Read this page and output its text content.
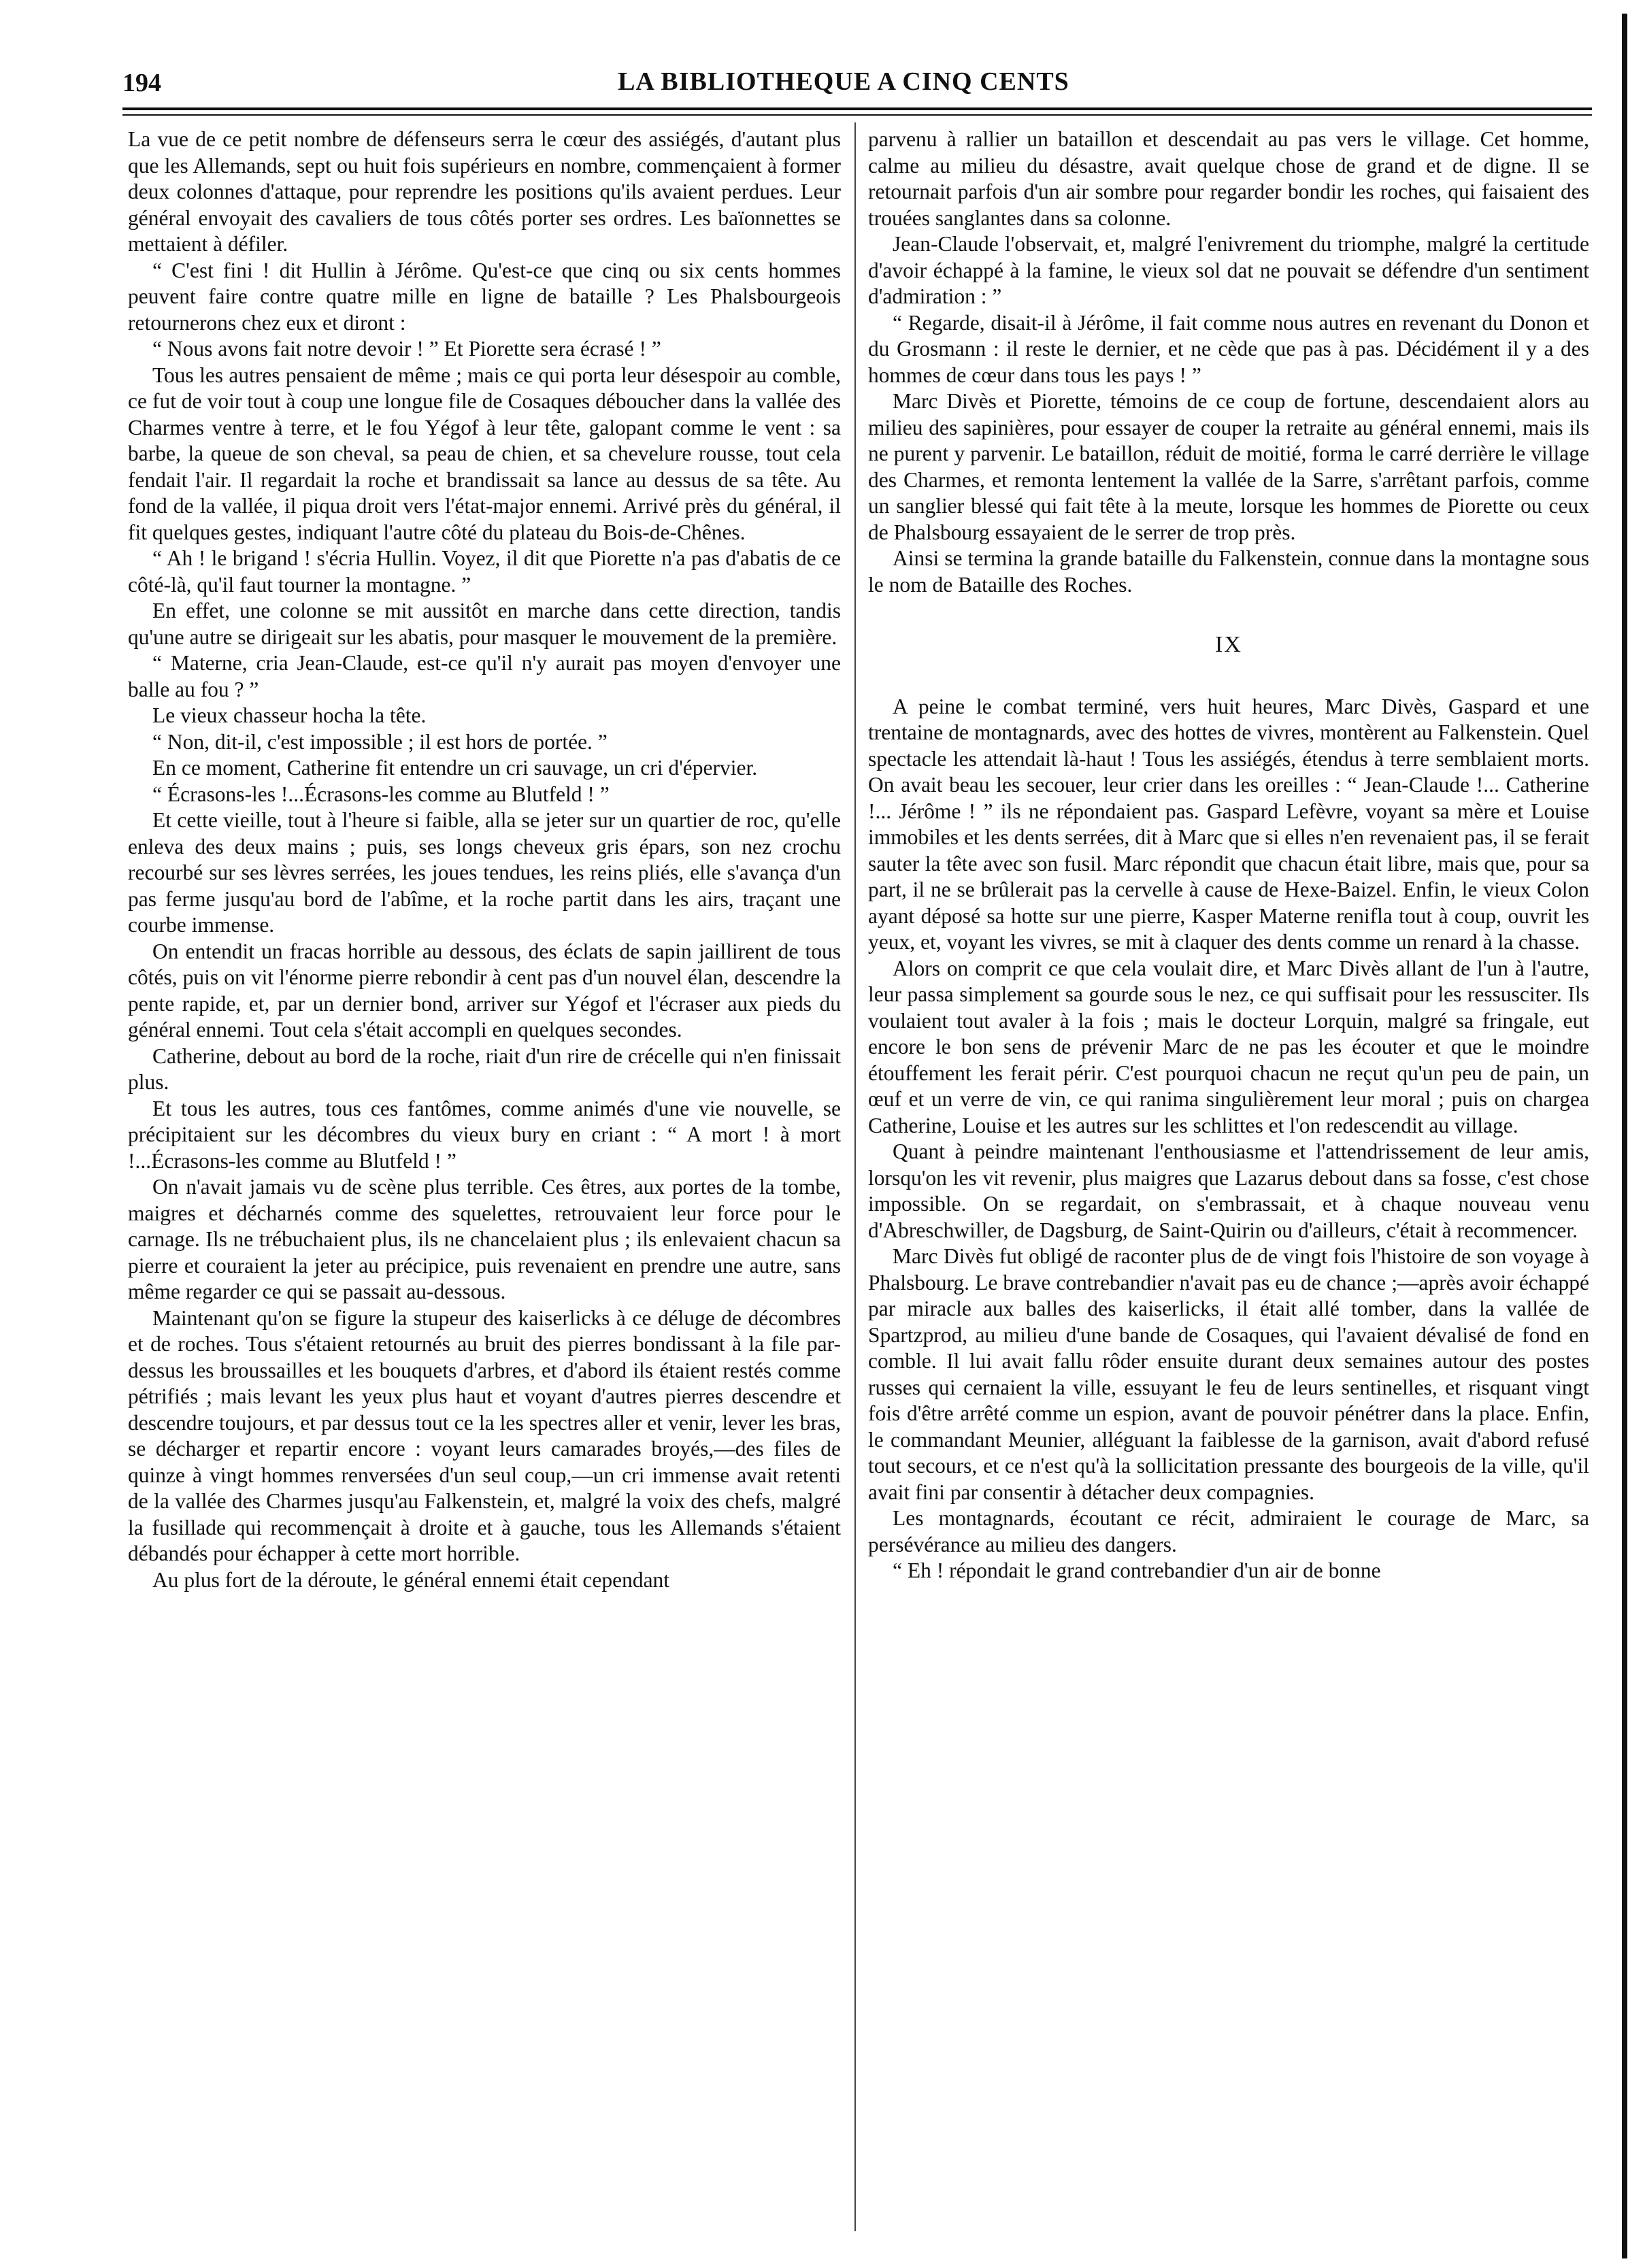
194	LA BIBLIOTHEQUE A CINQ CENTS

La vue de ce petit nombre de défenseurs serra le cœur des assiégés, d'autant plus que les Allemands, sept ou huit fois supérieurs en nombre, commençaient à former deux colonnes d'attaque, pour reprendre les positions qu'ils avaient perdues. Leur général envoyait des cavaliers de tous côtés porter ses ordres. Les baïonnettes se mettaient à défiler.

“ C'est fini ! dit Hullin à Jérôme. Qu'est-ce que cinq ou six cents hommes peuvent faire contre quatre mille en ligne de bataille ? Les Phalsbourgeois retournerons chez eux et diront :

“ Nous avons fait notre devoir ! ” Et Piorette sera écrasé ! ”

Tous les autres pensaient de même ; mais ce qui porta leur désespoir au comble, ce fut de voir tout à coup une longue file de Cosaques déboucher dans la vallée des Charmes ventre à terre, et le fou Yégof à leur tête, galopant comme le vent : sa barbe, la queue de son cheval, sa peau de chien, et sa chevelure rousse, tout cela fendait l'air. Il regardait la roche et brandissait sa lance au dessus de sa tête. Au fond de la vallée, il piqua droit vers l'état-major ennemi. Arrivé près du général, il fit quelques gestes, indiquant l'autre côté du plateau du Bois-de-Chênes.

“ Ah ! le brigand ! s'écria Hullin. Voyez, il dit que Piorette n'a pas d'abatis de ce côté-là, qu'il faut tourner la montagne. ”

En effet, une colonne se mit aussitôt en marche dans cette direction, tandis qu'une autre se dirigeait sur les abatis, pour masquer le mouvement de la première.

“ Materne, cria Jean-Claude, est-ce qu'il n'y aurait pas moyen d'envoyer une balle au fou ? ”

Le vieux chasseur hocha la tête.

“ Non, dit-il, c'est impossible ; il est hors de portée. ”

En ce moment, Catherine fit entendre un cri sauvage, un cri d'épervier.

“ Écrasons-les !...Écrasons-les comme au Blutfeld ! ”

Et cette vieille, tout à l'heure si faible, alla se jeter sur un quartier de roc, qu'elle enleva des deux mains ; puis, ses longs cheveux gris épars, son nez crochu recourbé sur ses lèvres serrées, les joues tendues, les reins pliés, elle s'avança d'un pas ferme jusqu'au bord de l'abîme, et la roche partit dans les airs, traçant une courbe immense.

On entendit un fracas horrible au dessous, des éclats de sapin jaillirent de tous côtés, puis on vit l'énorme pierre rebondir à cent pas d'un nouvel élan, descendre la pente rapide, et, par un dernier bond, arriver sur Yégof et l'écraser aux pieds du général ennemi. Tout cela s'était accompli en quelques secondes.

Catherine, debout au bord de la roche, riait d'un rire de crécelle qui n'en finissait plus.

Et tous les autres, tous ces fantômes, comme animés d'une vie nouvelle, se précipitaient sur les décombres du vieux bury en criant : “ A mort ! à mort !...Écrasons-les comme au Blutfeld ! ”

On n'avait jamais vu de scène plus terrible. Ces êtres, aux portes de la tombe, maigres et décharnés comme des squelettes, retrouvaient leur force pour le carnage. Ils ne trébuchaient plus, ils ne chancelaient plus ; ils enlevaient chacun sa pierre et couraient la jeter au précipice, puis revenaient en prendre une autre, sans même regarder ce qui se passait au-dessous.

Maintenant qu'on se figure la stupeur des kaiserlicks à ce déluge de décombres et de roches. Tous s'étaient retournés au bruit des pierres bondissant à la file par-dessus les broussailles et les bouquets d'arbres, et d'abord ils étaient restés comme pétrifiés ; mais levant les yeux plus haut et voyant d'autres pierres descendre et descendre toujours, et par dessus tout ce la les spectres aller et venir, lever les bras, se décharger et repartir encore : voyant leurs camarades broyés,—des files de quinze à vingt hommes renversées d'un seul coup,—un cri immense avait retenti de la vallée des Charmes jusqu'au Falkenstein, et, malgré la voix des chefs, malgré la fusillade qui recommençait à droite et à gauche, tous les Allemands s'étaient débandés pour échapper à cette mort horrible.

Au plus fort de la déroute, le général ennemi était cependant

parvenu à rallier un bataillon et descendait au pas vers le village. Cet homme, calme au milieu du désastre, avait quelque chose de grand et de digne. Il se retournait parfois d'un air sombre pour regarder bondir les roches, qui faisaient des trouées sanglantes dans sa colonne.

Jean-Claude l'observait, et, malgré l'enivrement du triomphe, malgré la certitude d'avoir échappé à la famine, le vieux sol dat ne pouvait se défendre d'un sentiment d'admiration : ”

“ Regarde, disait-il à Jérôme, il fait comme nous autres en revenant du Donon et du Grosmann : il reste le dernier, et ne cède que pas à pas. Décidément il y a des hommes de cœur dans tous les pays ! ”

Marc Divès et Piorette, témoins de ce coup de fortune, descendaient alors au milieu des sapinières, pour essayer de couper la retraite au général ennemi, mais ils ne purent y parvenir. Le bataillon, réduit de moitié, forma le carré derrière le village des Charmes, et remonta lentement la vallée de la Sarre, s'arrêtant parfois, comme un sanglier blessé qui fait tête à la meute, lorsque les hommes de Piorette ou ceux de Phalsbourg essayaient de le serrer de trop près.

Ainsi se termina la grande bataille du Falkenstein, connue dans la montagne sous le nom de Bataille des Roches.

IX

A peine le combat terminé, vers huit heures, Marc Divès, Gaspard et une trentaine de montagnards, avec des hottes de vivres, montèrent au Falkenstein. Quel spectacle les attendait là-haut ! Tous les assiégés, étendus à terre semblaient morts. On avait beau les secouer, leur crier dans les oreilles : “ Jean-Claude !... Catherine !... Jérôme ! ” ils ne répondaient pas. Gaspard Lefèvre, voyant sa mère et Louise immobiles et les dents serrées, dit à Marc que si elles n'en revenaient pas, il se ferait sauter la tête avec son fusil. Marc répondit que chacun était libre, mais que, pour sa part, il ne se brûlerait pas la cervelle à cause de Hexe-Baizel. Enfin, le vieux Colon ayant déposé sa hotte sur une pierre, Kasper Materne renifla tout à coup, ouvrit les yeux, et, voyant les vivres, se mit à claquer des dents comme un renard à la chasse.

Alors on comprit ce que cela voulait dire, et Marc Divès allant de l'un à l'autre, leur passa simplement sa gourde sous le nez, ce qui suffisait pour les ressusciter. Ils voulaient tout avaler à la fois ; mais le docteur Lorquin, malgré sa fringale, eut encore le bon sens de prévenir Marc de ne pas les écouter et que le moindre étouffement les ferait périr. C'est pourquoi chacun ne reçut qu'un peu de pain, un œuf et un verre de vin, ce qui ranima singulièrement leur moral ; puis on chargea Catherine, Louise et les autres sur les schlittes et l'on redescendit au village.

Quant à peindre maintenant l'enthousiasme et l'attendrissement de leur amis, lorsqu'on les vit revenir, plus maigres que Lazarus debout dans sa fosse, c'est chose impossible. On se regardait, on s'embrassait, et à chaque nouveau venu d'Abreschwiller, de Dagsburg, de Saint-Quirin ou d'ailleurs, c'était à recommencer.

Marc Divès fut obligé de raconter plus de de vingt fois l'histoire de son voyage à Phalsbourg. Le brave contrebandier n'avait pas eu de chance ;—après avoir échappé par miracle aux balles des kaiserlicks, il était allé tomber, dans la vallée de Spartzprod, au milieu d'une bande de Cosaques, qui l'avaient dévalisé de fond en comble. Il lui avait fallu rôder ensuite durant deux semaines autour des postes russes qui cernaient la ville, essuyant le feu de leurs sentinelles, et risquant vingt fois d'être arrêté comme un espion, avant de pouvoir pénétrer dans la place. Enfin, le commandant Meunier, alléguant la faiblesse de la garnison, avait d'abord refusé tout secours, et ce n'est qu'à la sollicitation pressante des bourgeois de la ville, qu'il avait fini par consentir à détacher deux compagnies.

Les montagnards, écoutant ce récit, admiraient le courage de Marc, sa persévérance au milieu des dangers.

“ Eh ! répondait le grand contrebandier d'un air de bonne
